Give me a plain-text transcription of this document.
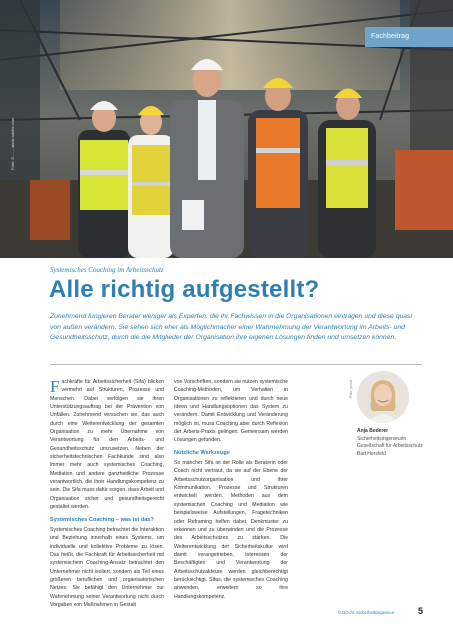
Fachbeitrag
Foto: © ... – stock.adobe.com
Systemisches Coaching im Arbeitsschutz
Alle richtig aufgestellt?
Zunehmend fungieren Berater weniger als Experten, die ihr Fachwissen in die Organisationen eintragen und diese quasi von außen verändern. Sie sehen sich eher als Möglichmacher einer Wahrnehmung der Verantwortung im Arbeits- und Gesundheitsschutz, durch die die Mitglieder der Organisation ihre eigenen Lösungen finden und umsetzen können.

Fachkräfte für Arbeitssicherheit (Sifa) blicken vermehrt auf Strukturen, Prozesse und Menschen. Dabei verfolgen sie ihren Unterstützungsauftrag bei der Prävention von Unfällen. Zunehmend versuchen sie, das auch durch eine Weiterentwicklung der gesamten Organisation zu mehr Übernahme von Verantwortung für den Arbeits- und Gesundheitsschutz umzusetzen. Neben der sicherheitstechnischen Fachkunde sind also immer mehr auch systemisches Coaching, Mediation und andere ganzheitliche Prozesse verantwortlich, die ihrer Handlungskompetenz zu sein. Die Sifa muss dafür sorgen, dass Arbeit und Organisation sicher und gesundheitsgerecht gestaltet werden.

Systemisches Coaching – was ist das?

Systemisches Coaching betrachtet die Interaktion und Beziehung innerhalb eines Systems, um individuelle und kollektive Probleme zu lösen. Das heißt, die Fachkraft für Arbeitssicherheit mit systemischem Coaching-Ansatz betrachtet den Unternehmer nicht isoliert, sondern als Teil eines größeren beruflichen und organisatorischen Netzes. Sie befähigt den Unternehmer zur Wahrnehmung seiner Verantwortung nicht durch Vorgaben von Maßnahmen in Gestalt

von Vorschriften, sondern sie nutzen systemische Coaching-Methoden, um Verhalten in Organisationen zu reflektieren und durch neue Ideen und Handlungsoptionen das System zu verändern. Damit Entwicklung und Veränderung möglich ist, muss Coaching aber durch Reflexion der Arbeits-Praxis gelingen. Gemeinsam werden Lösungen gefunden.

Nützliche Werkzeuge

So mancher Sifa ist der Rolle als Beraterin oder Coach nicht vertraut, da sie auf der Ebene der Arbeitsschutzorganisation und ihrer Kommunikation, Prozesse und Strukturen entwickelt werden. Methoden aus dem systemischen Coaching und Mediation wie beispielsweise Aufstellungen, Fragetechniken oder Reframing helfen dabei, Denkmuster zu erkennen und zu überwinden und die Prozesse des Arbeitsschutzes zu stärken. Die Weiterentwicklung der Sicherheitskultur wird damit vorangetrieben, Interessen der Beschäftigten und Verantwortung der Arbeitsschutzakteure werden gleichberechtigt berücksichtigt. Sifas, die systemisches Coaching anwenden, erweitern so ihre Handlungskompetenz.

Foto: privat
Anja Bederer
Sicherheitsingenieurin
Gesellschaft für Arbeitsschutz
Bad Hersfeld
© DGUV, Sicherheitsingenieur	5
